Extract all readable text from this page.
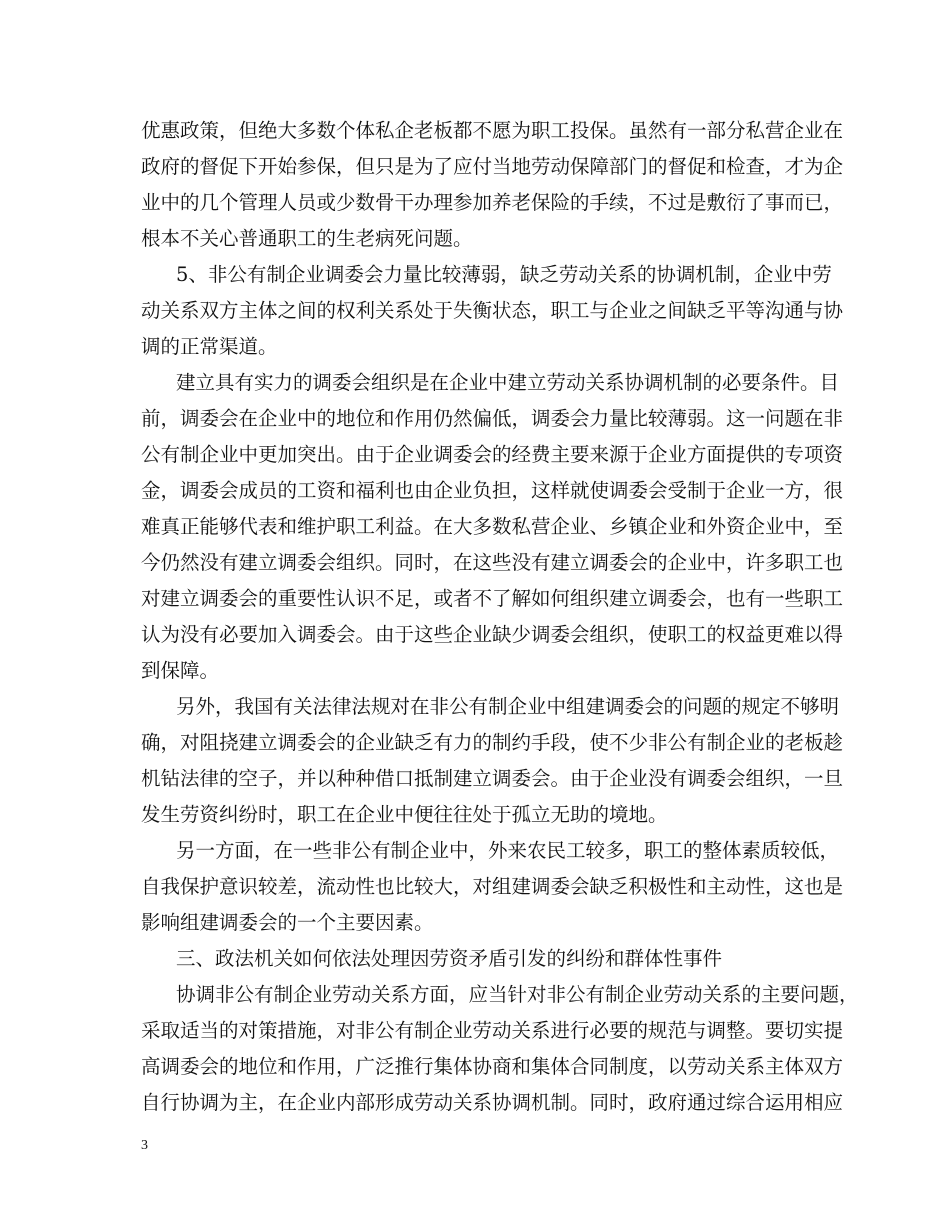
优惠政策，但绝大多数个体私企老板都不愿为职工投保。虽然有一部分私营企业在
政府的督促下开始参保，但只是为了应付当地劳动保障部门的督促和检查，才为企
业中的几个管理人员或少数骨干办理参加养老保险的手续，不过是敷衍了事而已，
根本不关心普通职工的生老病死问题。
5、非公有制企业调委会力量比较薄弱，缺乏劳动关系的协调机制，企业中劳
动关系双方主体之间的权利关系处于失衡状态，职工与企业之间缺乏平等沟通与协
调的正常渠道。
建立具有实力的调委会组织是在企业中建立劳动关系协调机制的必要条件。目
前，调委会在企业中的地位和作用仍然偏低，调委会力量比较薄弱。这一问题在非
公有制企业中更加突出。由于企业调委会的经费主要来源于企业方面提供的专项资
金，调委会成员的工资和福利也由企业负担，这样就使调委会受制于企业一方，很
难真正能够代表和维护职工利益。在大多数私营企业、乡镇企业和外资企业中，至
今仍然没有建立调委会组织。同时，在这些没有建立调委会的企业中，许多职工也
对建立调委会的重要性认识不足，或者不了解如何组织建立调委会，也有一些职工
认为没有必要加入调委会。由于这些企业缺少调委会组织，使职工的权益更难以得
到保障。
另外，我国有关法律法规对在非公有制企业中组建调委会的问题的规定不够明
确，对阻挠建立调委会的企业缺乏有力的制约手段，使不少非公有制企业的老板趁
机钻法律的空子，并以种种借口抵制建立调委会。由于企业没有调委会组织，一旦
发生劳资纠纷时，职工在企业中便往往处于孤立无助的境地。
另一方面，在一些非公有制企业中，外来农民工较多，职工的整体素质较低，
自我保护意识较差，流动性也比较大，对组建调委会缺乏积极性和主动性，这也是
影响组建调委会的一个主要因素。
三、政法机关如何依法处理因劳资矛盾引发的纠纷和群体性事件
协调非公有制企业劳动关系方面，应当针对非公有制企业劳动关系的主要问题，
采取适当的对策措施，对非公有制企业劳动关系进行必要的规范与调整。要切实提
高调委会的地位和作用，广泛推行集体协商和集体合同制度，以劳动关系主体双方
自行协调为主，在企业内部形成劳动关系协调机制。同时，政府通过综合运用相应
3
